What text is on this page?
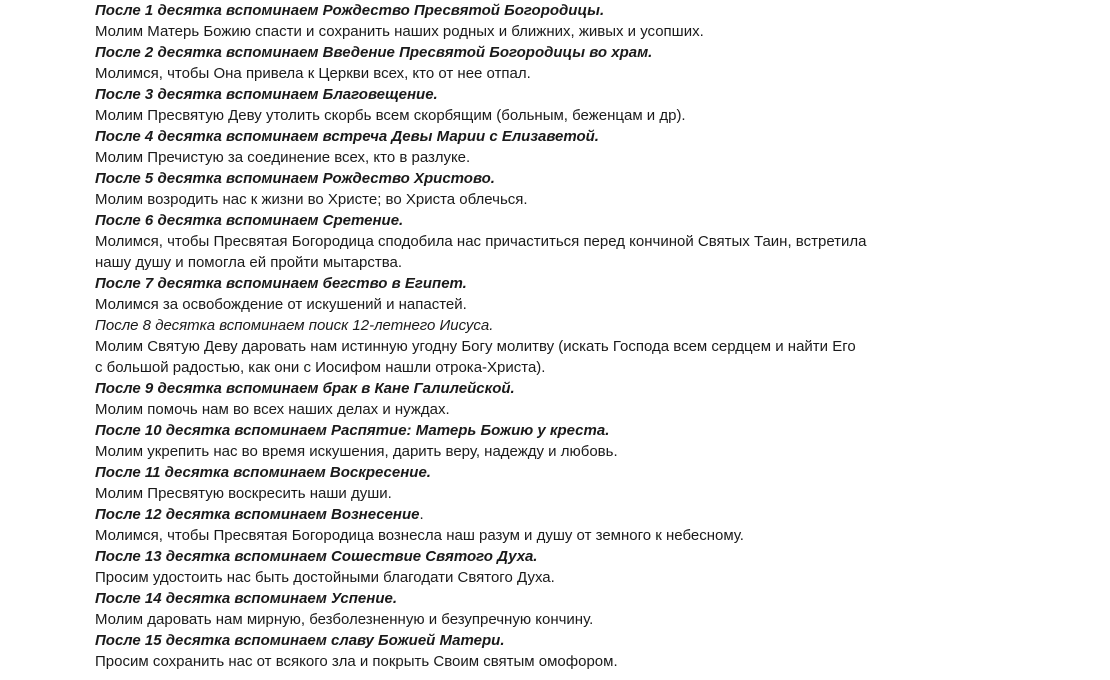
После 1 десятка вспоминаем Рождество Пресвятой Богородицы.
Молим Матерь Божию спасти и сохранить наших родных и ближних, живых и усопших.
После 2 десятка вспоминаем Введение Пресвятой Богородицы во храм.
Молимся, чтобы Она привела к Церкви всех, кто от нее отпал.
После 3 десятка вспоминаем Благовещение.
Молим Пресвятую Деву утолить скорбь всем скорбящим (больным, беженцам и др).
После 4 десятка вспоминаем встреча Девы Марии с Елизаветой.
Молим Пречистую за соединение всех, кто в разлуке.
После 5 десятка вспоминаем Рождество Христово.
Молим возродить нас к жизни во Христе; во Христа облечься.
После 6 десятка вспоминаем Сретение.
Молимся, чтобы Пресвятая Богородица сподобила нас причаститься перед кончиной Святых Таин, встретила
нашу душу и помогла ей пройти мытарства.
После 7 десятка вспоминаем бегство в Египет.
Молимся за освобождение от искушений и напастей.
После 8 десятка вспоминаем поиск 12-летнего Иисуса.
Молим Святую Деву даровать нам истинную угодну Богу молитву (искать Господа всем сердцем и найти Его
с большой радостью, как они с Иосифом нашли отрока-Христа).
После 9 десятка вспоминаем брак в Кане Галилейской.
Молим помочь нам во всех наших делах и нуждах.
После 10 десятка вспоминаем Распятие: Матерь Божию у креста.
Молим укрепить нас во время искушения, дарить веру, надежду и любовь.
После 11 десятка вспоминаем Воскресение.
Молим Пресвятую воскресить наши души.
После 12 десятка вспоминаем Вознесение.
Молимся, чтобы Пресвятая Богородица вознесла наш разум и душу от земного к небесному.
После 13 десятка вспоминаем Сошествие Святого Духа.
Просим удостоить нас быть достойными благодати Святого Духа.
После 14 десятка вспоминаем Успение.
Молим даровать нам мирную, безболезненную и безупречную кончину.
После 15 десятка вспоминаем славу Божией Матери.
Просим сохранить нас от всякого зла и покрыть Своим святым омофором.
